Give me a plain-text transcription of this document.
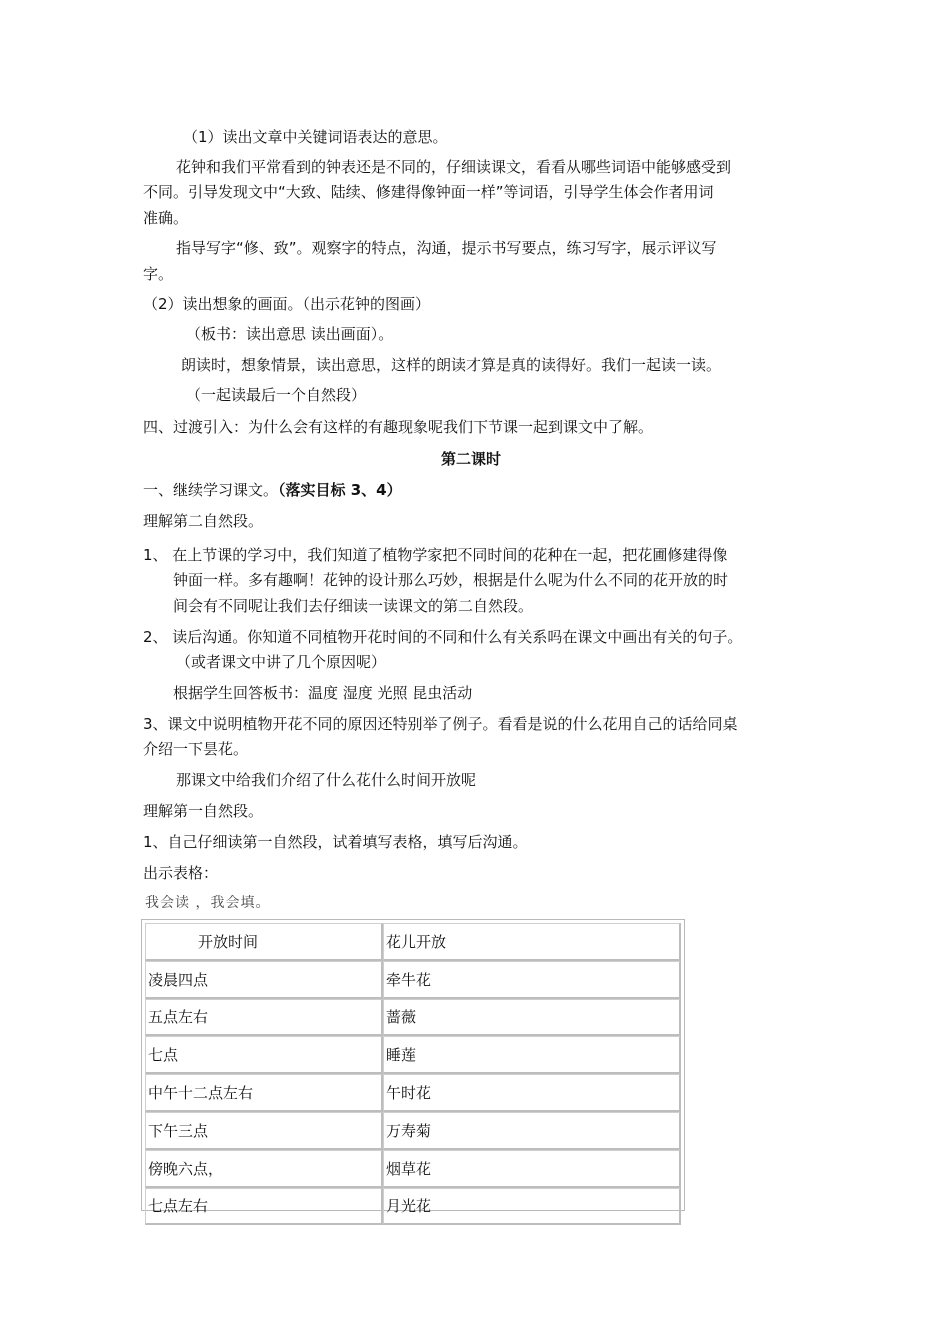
（1）读出文章中关键词语表达的意思。
花钟和我们平常看到的钟表还是不同的，仔细读课文，看看从哪些词语中能够感受到
不同。引导发现文中“大致、陆续、修建得像钟面一样”等词语，引导学生体会作者用词
准确。
指导写字“修、致”。观察字的特点，沟通，提示书写要点，练习写字，展示评议写
字。
（2）读出想象的画面。（出示花钟的图画）
（板书：读出意思 读出画面）。
朗读时，想象情景，读出意思，这样的朗读才算是真的读得好。我们一起读一读。
（一起读最后一个自然段）
四、过渡引入：为什么会有这样的有趣现象呢我们下节课一起到课文中了解。
第二课时
一、继续学习课文。（落实目标 3、4）
理解第二自然段。
1、 在上节课的学习中，我们知道了植物学家把不同时间的花种在一起，把花圃修建得像
钟面一样。多有趣啊！花钟的设计那么巧妙，根据是什么呢为什么不同的花开放的时
间会有不同呢让我们去仔细读一读课文的第二自然段。
2、 读后沟通。你知道不同植物开花时间的不同和什么有关系吗在课文中画出有关的句子。
（或者课文中讲了几个原因呢）
根据学生回答板书：温度 湿度 光照 昆虫活动
3、课文中说明植物开花不同的原因还特别举了例子。看看是说的什么花用自己的话给同桌
介绍一下昙花。
那课文中给我们介绍了什么花什么时间开放呢
理解第一自然段。
1、自己仔细读第一自然段，试着填写表格，填写后沟通。
出示表格：
我会读 ，我会填。
开放时间	花儿开放
凌晨四点	牵牛花
五点左右	蔷薇
七点	睡莲
中午十二点左右	午时花
下午三点	万寿菊
傍晚六点，	烟草花
七点左右	月光花
